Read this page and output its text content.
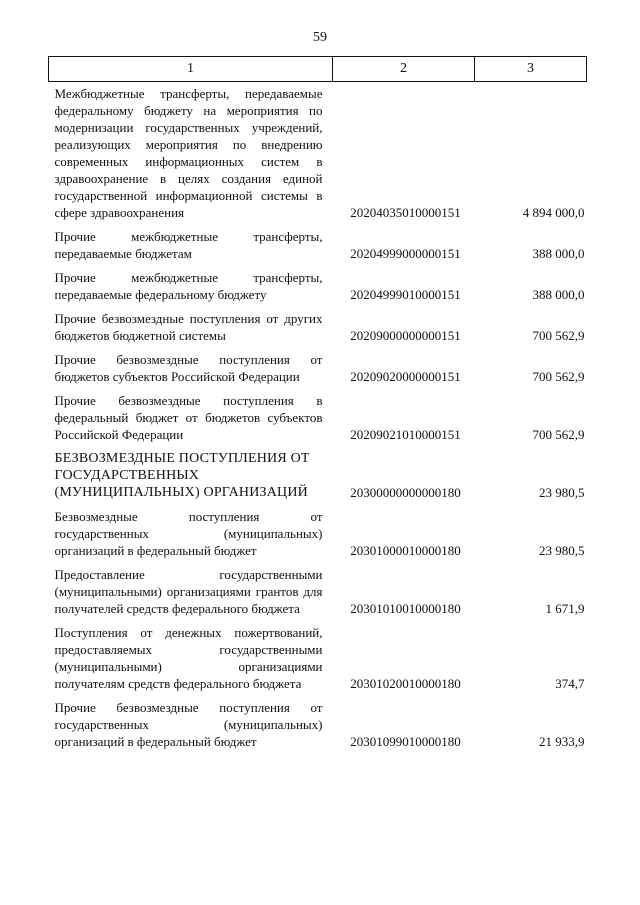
59
1	2	3
Межбюджетные трансферты, передаваемые федеральному бюджету на мероприятия по модернизации государственных учреждений, реализующих мероприятия по внедрению современных информационных систем в здравоохранение в целях создания единой государственной информационной системы в сфере здравоохранения	20204035010000151	4 894 000,0
Прочие межбюджетные трансферты, передаваемые бюджетам	20204999000000151	388 000,0
Прочие межбюджетные трансферты, передаваемые федеральному бюджету	20204999010000151	388 000,0
Прочие безвозмездные поступления от других бюджетов бюджетной системы	20209000000000151	700 562,9
Прочие безвозмездные поступления от бюджетов субъектов Российской Федерации	20209020000000151	700 562,9
Прочие безвозмездные поступления в федеральный бюджет от бюджетов субъектов Российской Федерации	20209021010000151	700 562,9
БЕЗВОЗМЕЗДНЫЕ ПОСТУПЛЕНИЯ ОТ ГОСУДАРСТВЕННЫХ (МУНИЦИПАЛЬНЫХ) ОРГАНИЗАЦИЙ	20300000000000180	23 980,5
Безвозмездные поступления от государственных (муниципальных) организаций в федеральный бюджет	20301000010000180	23 980,5
Предоставление государственными (муниципальными) организациями грантов для получателей средств федерального бюджета	20301010010000180	1 671,9
Поступления от денежных пожертвований, предоставляемых государственными (муниципальными) организациями получателям средств федерального бюджета	20301020010000180	374,7
Прочие безвозмездные поступления от государственных (муниципальных) организаций в федеральный бюджет	20301099010000180	21 933,9
